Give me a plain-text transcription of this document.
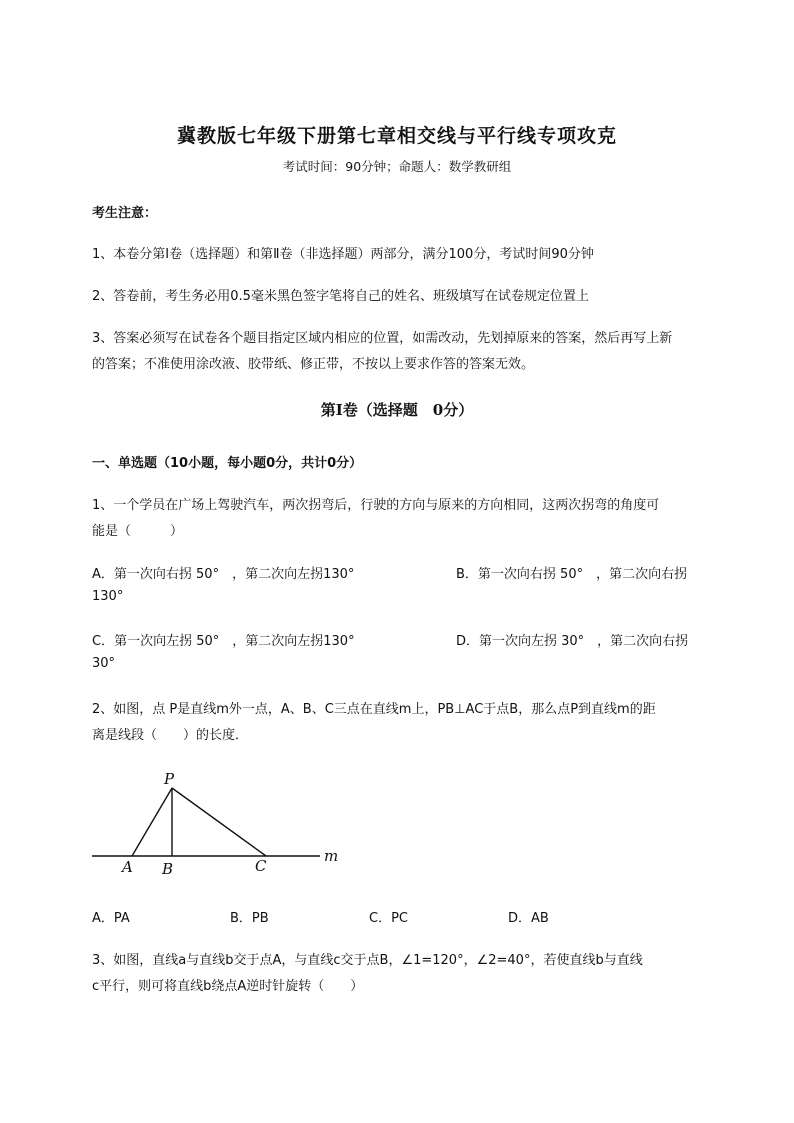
冀教版七年级下册第七章相交线与平行线专项攻克
考试时间：90分钟；命题人：数学教研组
考生注意：
1、本卷分第I卷（选择题）和第Ⅱ卷（非选择题）两部分，满分100分，考试时间90分钟
2、答卷前，考生务必用0.5毫米黑色签字笔将自己的姓名、班级填写在试卷规定位置上
3、答案必须写在试卷各个题目指定区域内相应的位置，如需改动，先划掉原来的答案，然后再写上新
的答案；不准使用涂改液、胶带纸、修正带，不按以上要求作答的答案无效。
第I卷（选择题　0分）
一、单选题（10小题，每小题0分，共计0分）
1、一个学员在广场上驾驶汽车，两次拐弯后，行驶的方向与原来的方向相同，这两次拐弯的角度可
能是（　　　）
A．第一次向右拐 50°　，第二次向左拐130°	B．第一次向右拐 50°　，第二次向右拐
130°
C．第一次向左拐 50°　，第二次向左拐130°	D．第一次向左拐 30°　，第二次向右拐
30°
2、如图，点 P是直线m外一点，A、B、C三点在直线m上，PB⊥AC于点B，那么点P到直线m的距
离是线段（　　）的长度．
P
A B	C
m
A．PA	B．PB	C．PC	D．AB
3、如图，直线a与直线b交于点A，与直线c交于点B，∠1=120°，∠2=40°，若使直线b与直线
c平行，则可将直线b绕点A逆时针旋转（　　）
